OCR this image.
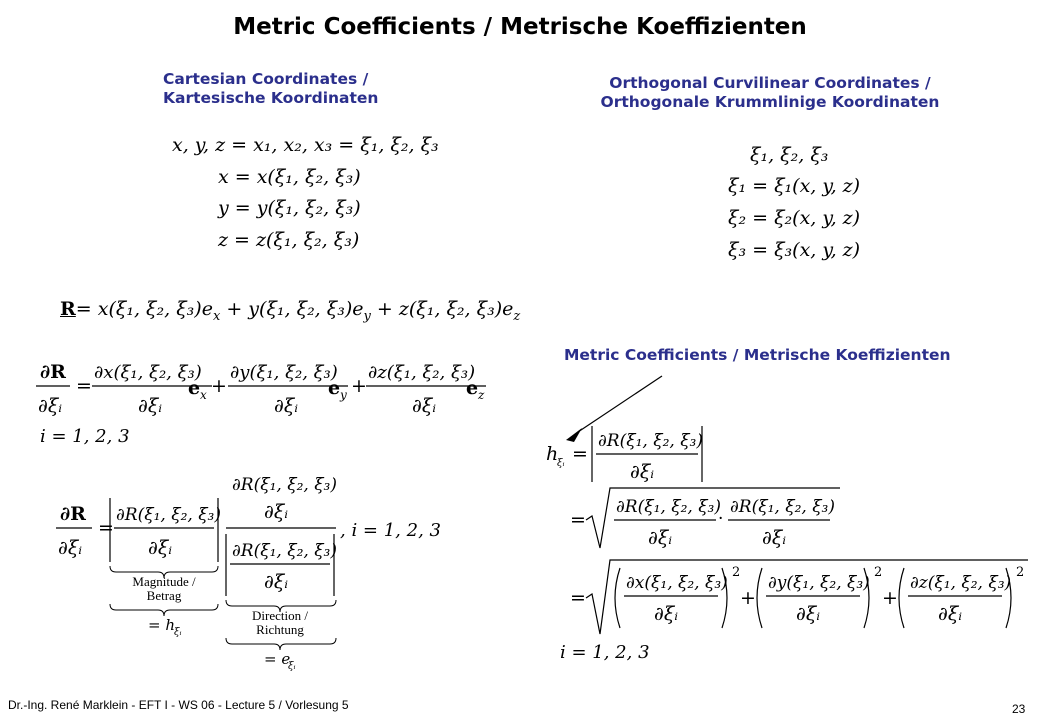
Metric Coefficients / Metrische Koeffizienten
Cartesian Coordinates /
Kartesische Koordinaten
Orthogonal Curvilinear Coordinates /
Orthogonale Krummlinige Koordinaten
x, y, z = x₁, x₂, x₃ = ξ₁, ξ₂, ξ₃
x = x(ξ₁, ξ₂, ξ₃)
y = y(ξ₁, ξ₂, ξ₃)
z = z(ξ₁, ξ₂, ξ₃)
ξ₁, ξ₂, ξ₃
ξ₁ = ξ₁(x, y, z)
ξ₂ = ξ₂(x, y, z)
ξ₃ = ξ₃(x, y, z)
R= x(ξ₁, ξ₂, $\xi_3)e_x + y(\xi_1$, ξ₂, $\xi_3)e_y + z(\xi_1$, ξ₂, $\xi_3)e_z$
∂R
∂ξᵢ
=
∂x(ξ₁, ξ₂, ξ₃)
∂ξᵢ
e x +
∂y(ξ₁, ξ₂, ξ₃)
∂ξᵢ
e y +
∂z(ξ₁, ξ₂, ξ₃)
∂ξᵢ
e z
i = 1, 2, 3
∂R
∂ξᵢ
=
∂R(ξ₁, ξ₂, ξ₃)
∂ξᵢ
Magnitude /
Betrag
= h ξᵢ
∂R(ξ₁, ξ₂, ξ₃)
∂ξᵢ
∂R(ξ₁, ξ₂, ξ₃)
∂ξᵢ
Direction /
Richtung
= e
ξᵢ
, i = 1, 2, 3
Metric Coefficients / Metrische Koeffizienten
h
ξᵢ =
∂R(ξ₁, ξ₂, ξ₃)
∂ξᵢ
=
∂R(ξ₁, ξ₂, ξ₃)
∂ξᵢ
·
∂R(ξ₁, ξ₂, ξ₃)
∂ξᵢ
=
∂x(ξ₁, ξ₂, ξ₃)
∂ξᵢ
2
+
∂y(ξ₁, ξ₂, ξ₃)
∂ξᵢ
2
+
∂z(ξ₁, ξ₂, ξ₃)
∂ξᵢ
2
i = 1, 2, 3
Dr.-Ing. René Marklein - EFT I - WS 06 - Lecture 5 / Vorlesung 5	23
